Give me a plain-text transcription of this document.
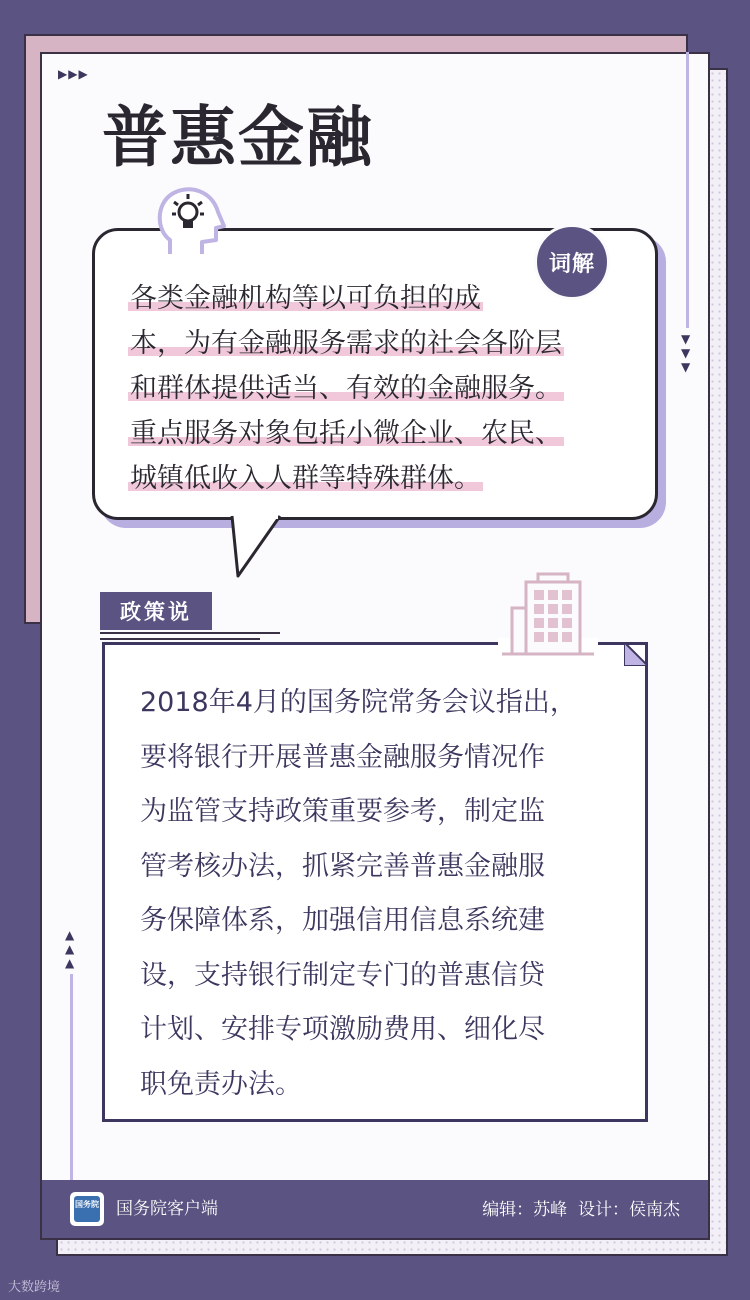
▶▶▶
普惠金融
▼
▼
▼
▲
▲
▲
词解
各类金融机构等以可负担的成
本，为有金融服务需求的社会各阶层
和群体提供适当、有效的金融服务。
重点服务对象包括小微企业、农民、
城镇低收入人群等特殊群体。
政策说
2018年4月的国务院常务会议指出，
要将银行开展普惠金融服务情况作
为监管支持政策重要参考，制定监
管考核办法，抓紧完善普惠金融服
务保障体系，加强信用信息系统建
设，支持银行制定专门的普惠信贷
计划、安排专项激励费用、细化尽
职免责办法。
国务院 国务院客户端	编辑：苏峰  设计：侯南杰
大数跨境
